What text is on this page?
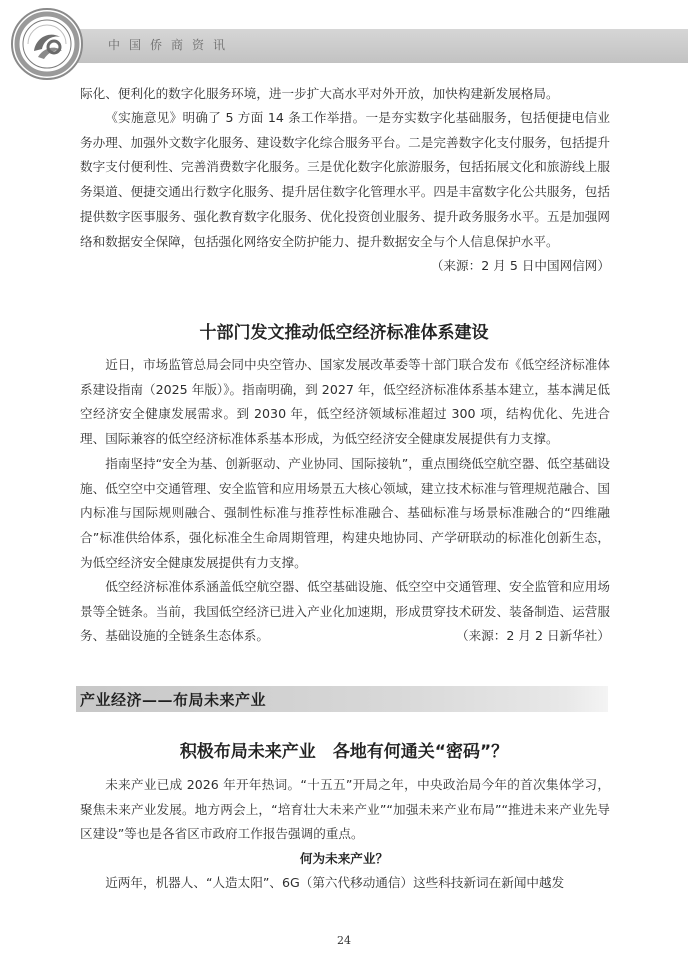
中国侨商资讯

际化、便利化的数字化服务环境，进一步扩大高水平对外开放，加快构建新发展格局。

《实施意见》明确了 5 方面 14 条工作举措。一是夯实数字化基础服务，包括便捷电信业务办理、加强外文数字化服务、建设数字化综合服务平台。二是完善数字化支付服务，包括提升数字支付便利性、完善消费数字化服务。三是优化数字化旅游服务，包括拓展文化和旅游线上服务渠道、便捷交通出行数字化服务、提升居住数字化管理水平。四是丰富数字化公共服务，包括提供数字医事服务、强化教育数字化服务、优化投资创业服务、提升政务服务水平。五是加强网络和数据安全保障，包括强化网络安全防护能力、提升数据安全与个人信息保护水平。
（来源：2 月 5 日中国网信网）

十部门发文推动低空经济标准体系建设

近日，市场监管总局会同中央空管办、国家发展改革委等十部门联合发布《低空经济标准体系建设指南（2025 年版）》。指南明确，到 2027 年，低空经济标准体系基本建立，基本满足低空经济安全健康发展需求。到 2030 年，低空经济领域标准超过 300 项，结构优化、先进合理、国际兼容的低空经济标准体系基本形成，为低空经济安全健康发展提供有力支撑。

指南坚持“安全为基、创新驱动、产业协同、国际接轨”，重点围绕低空航空器、低空基础设施、低空空中交通管理、安全监管和应用场景五大核心领域，建立技术标准与管理规范融合、国内标准与国际规则融合、强制性标准与推荐性标准融合、基础标准与场景标准融合的“四维融合”标准供给体系，强化标准全生命周期管理，构建央地协同、产学研联动的标准化创新生态，为低空经济安全健康发展提供有力支撑。

低空经济标准体系涵盖低空航空器、低空基础设施、低空空中交通管理、安全监管和应用场景等全链条。当前，我国低空经济已进入产业化加速期，形成贯穿技术研发、装备制造、运营服务、基础设施的全链条生态体系。	（来源：2 月 2 日新华社）

产业经济——布局未来产业
积极布局未来产业　各地有何通关“密码”？

未来产业已成 2026 年开年热词。“十五五”开局之年，中央政治局今年的首次集体学习，聚焦未来产业发展。地方两会上，“培育壮大未来产业”“加强未来产业布局”“推进未来产业先导区建设”等也是各省区市政府工作报告强调的重点。

何为未来产业？

近两年，机器人、“人造太阳”、6G（第六代移动通信）这些科技新词在新闻中越发

24
